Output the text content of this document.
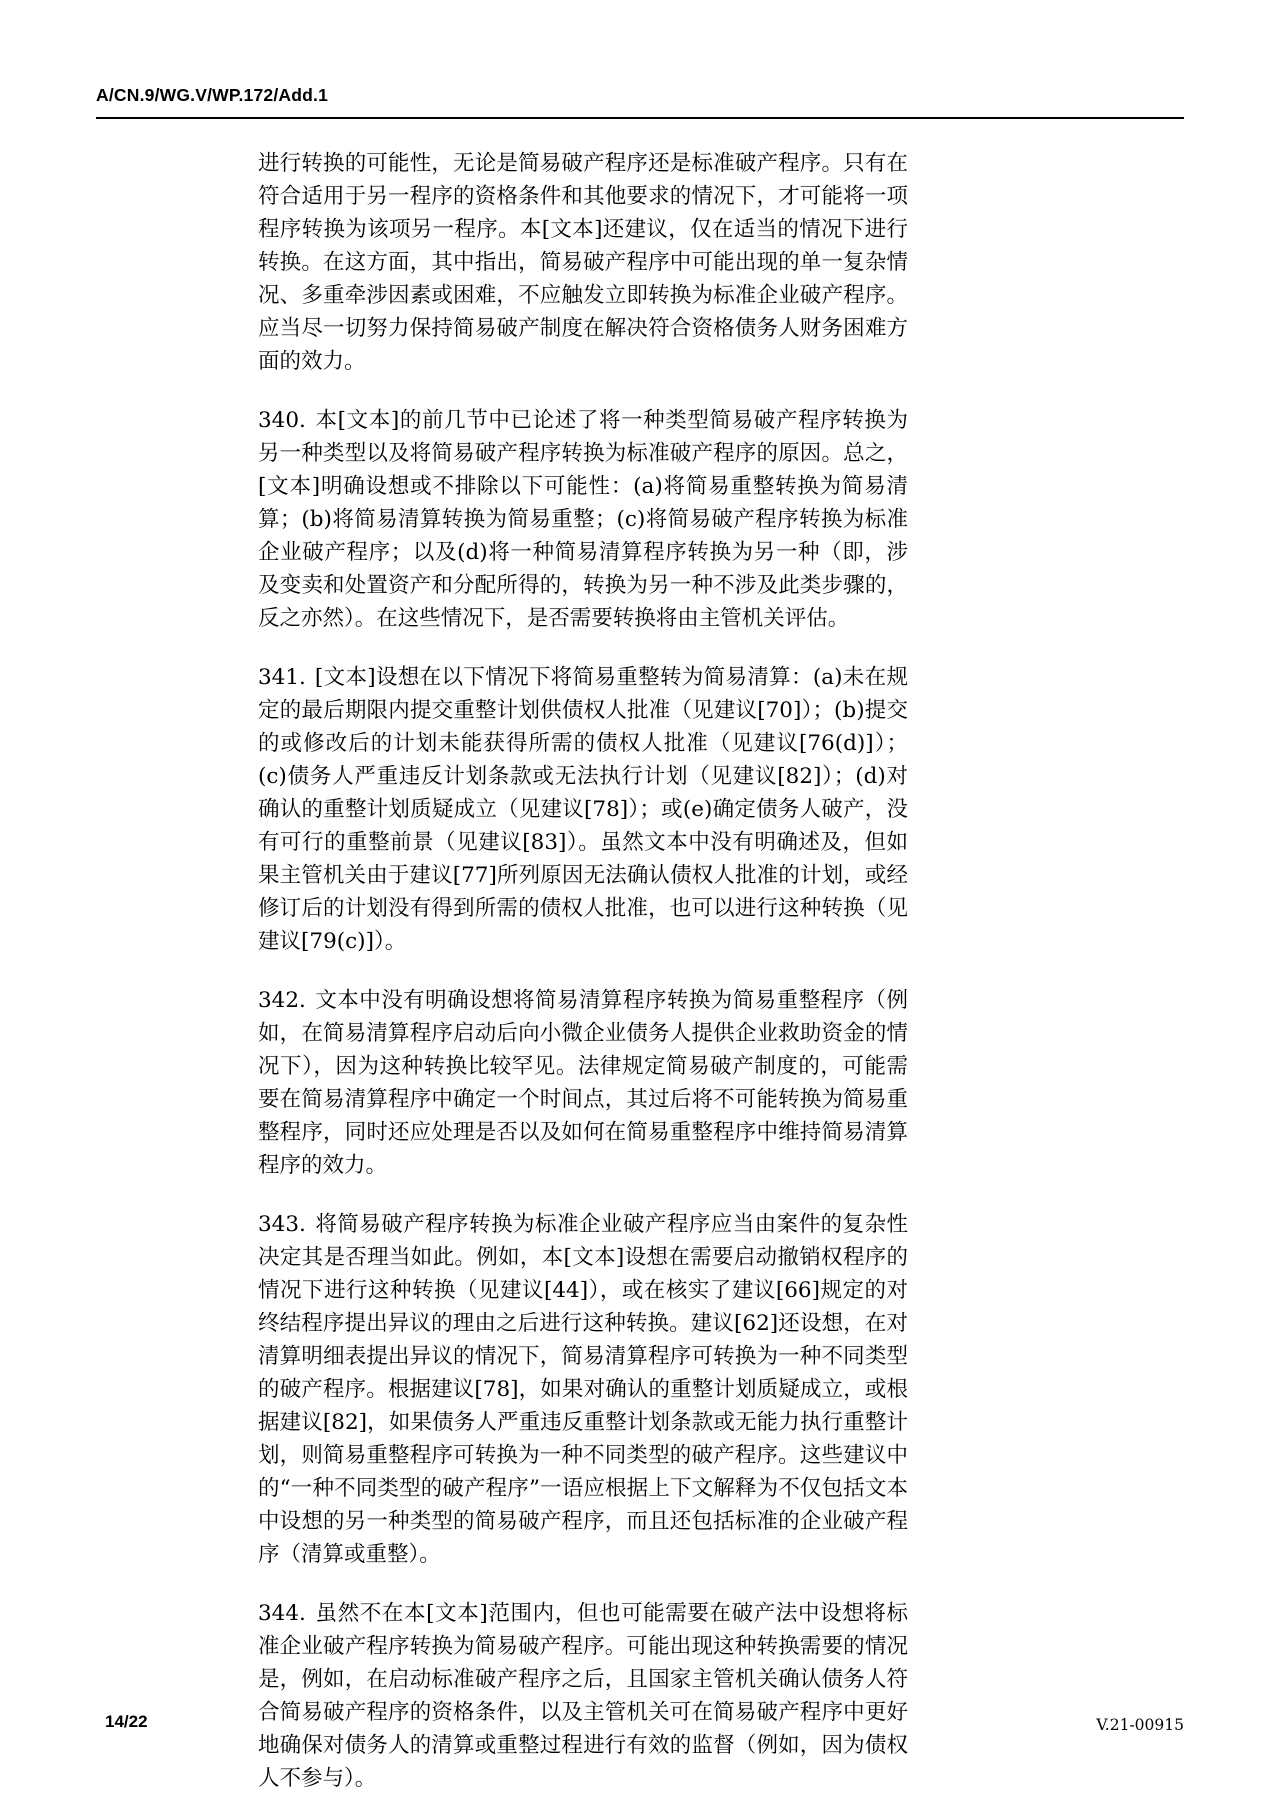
A/CN.9/WG.V/WP.172/Add.1

进行转换的可能性，无论是简易破产程序还是标准破产程序。只有在符合适用于另一程序的资格条件和其他要求的情况下，才可能将一项程序转换为该项另一程序。本[文本]还建议，仅在适当的情况下进行转换。在这方面，其中指出，简易破产程序中可能出现的单一复杂情况、多重牵涉因素或困难，不应触发立即转换为标准企业破产程序。应当尽一切努力保持简易破产制度在解决符合资格债务人财务困难方面的效力。

340. 本[文本]的前几节中已论述了将一种类型简易破产程序转换为另一种类型以及将简易破产程序转换为标准破产程序的原因。总之，[文本]明确设想或不排除以下可能性：(a)将简易重整转换为简易清算；(b)将简易清算转换为简易重整；(c)将简易破产程序转换为标准企业破产程序；以及(d)将一种简易清算程序转换为另一种（即，涉及变卖和处置资产和分配所得的，转换为另一种不涉及此类步骤的，反之亦然）。在这些情况下，是否需要转换将由主管机关评估。

341. [文本]设想在以下情况下将简易重整转为简易清算：(a)未在规定的最后期限内提交重整计划供债权人批准（见建议[70]）；(b)提交的或修改后的计划未能获得所需的债权人批准（见建议[76(d)]）；(c)债务人严重违反计划条款或无法执行计划（见建议[82]）；(d)对确认的重整计划质疑成立（见建议[78]）；或(e)确定债务人破产，没有可行的重整前景（见建议[83]）。虽然文本中没有明确述及，但如果主管机关由于建议[77]所列原因无法确认债权人批准的计划，或经修订后的计划没有得到所需的债权人批准，也可以进行这种转换（见建议[79(c)]）。

342. 文本中没有明确设想将简易清算程序转换为简易重整程序（例如，在简易清算程序启动后向小微企业债务人提供企业救助资金的情况下），因为这种转换比较罕见。法律规定简易破产制度的，可能需要在简易清算程序中确定一个时间点，其过后将不可能转换为简易重整程序，同时还应处理是否以及如何在简易重整程序中维持简易清算程序的效力。

343. 将简易破产程序转换为标准企业破产程序应当由案件的复杂性决定其是否理当如此。例如，本[文本]设想在需要启动撤销权程序的情况下进行这种转换（见建议[44]），或在核实了建议[66]规定的对终结程序提出异议的理由之后进行这种转换。建议[62]还设想，在对清算明细表提出异议的情况下，简易清算程序可转换为一种不同类型的破产程序。根据建议[78]，如果对确认的重整计划质疑成立，或根据建议[82]，如果债务人严重违反重整计划条款或无能力执行重整计划，则简易重整程序可转换为一种不同类型的破产程序。这些建议中的“一种不同类型的破产程序”一语应根据上下文解释为不仅包括文本中设想的另一种类型的简易破产程序，而且还包括标准的企业破产程序（清算或重整）。

344. 虽然不在本[文本]范围内，但也可能需要在破产法中设想将标准企业破产程序转换为简易破产程序。可能出现这种转换需要的情况是，例如，在启动标准破产程序之后，且国家主管机关确认债务人符合简易破产程序的资格条件，以及主管机关可在简易破产程序中更好地确保对债务人的清算或重整过程进行有效的监督（例如，因为债权人不参与）。

14/22	V.21-00915
